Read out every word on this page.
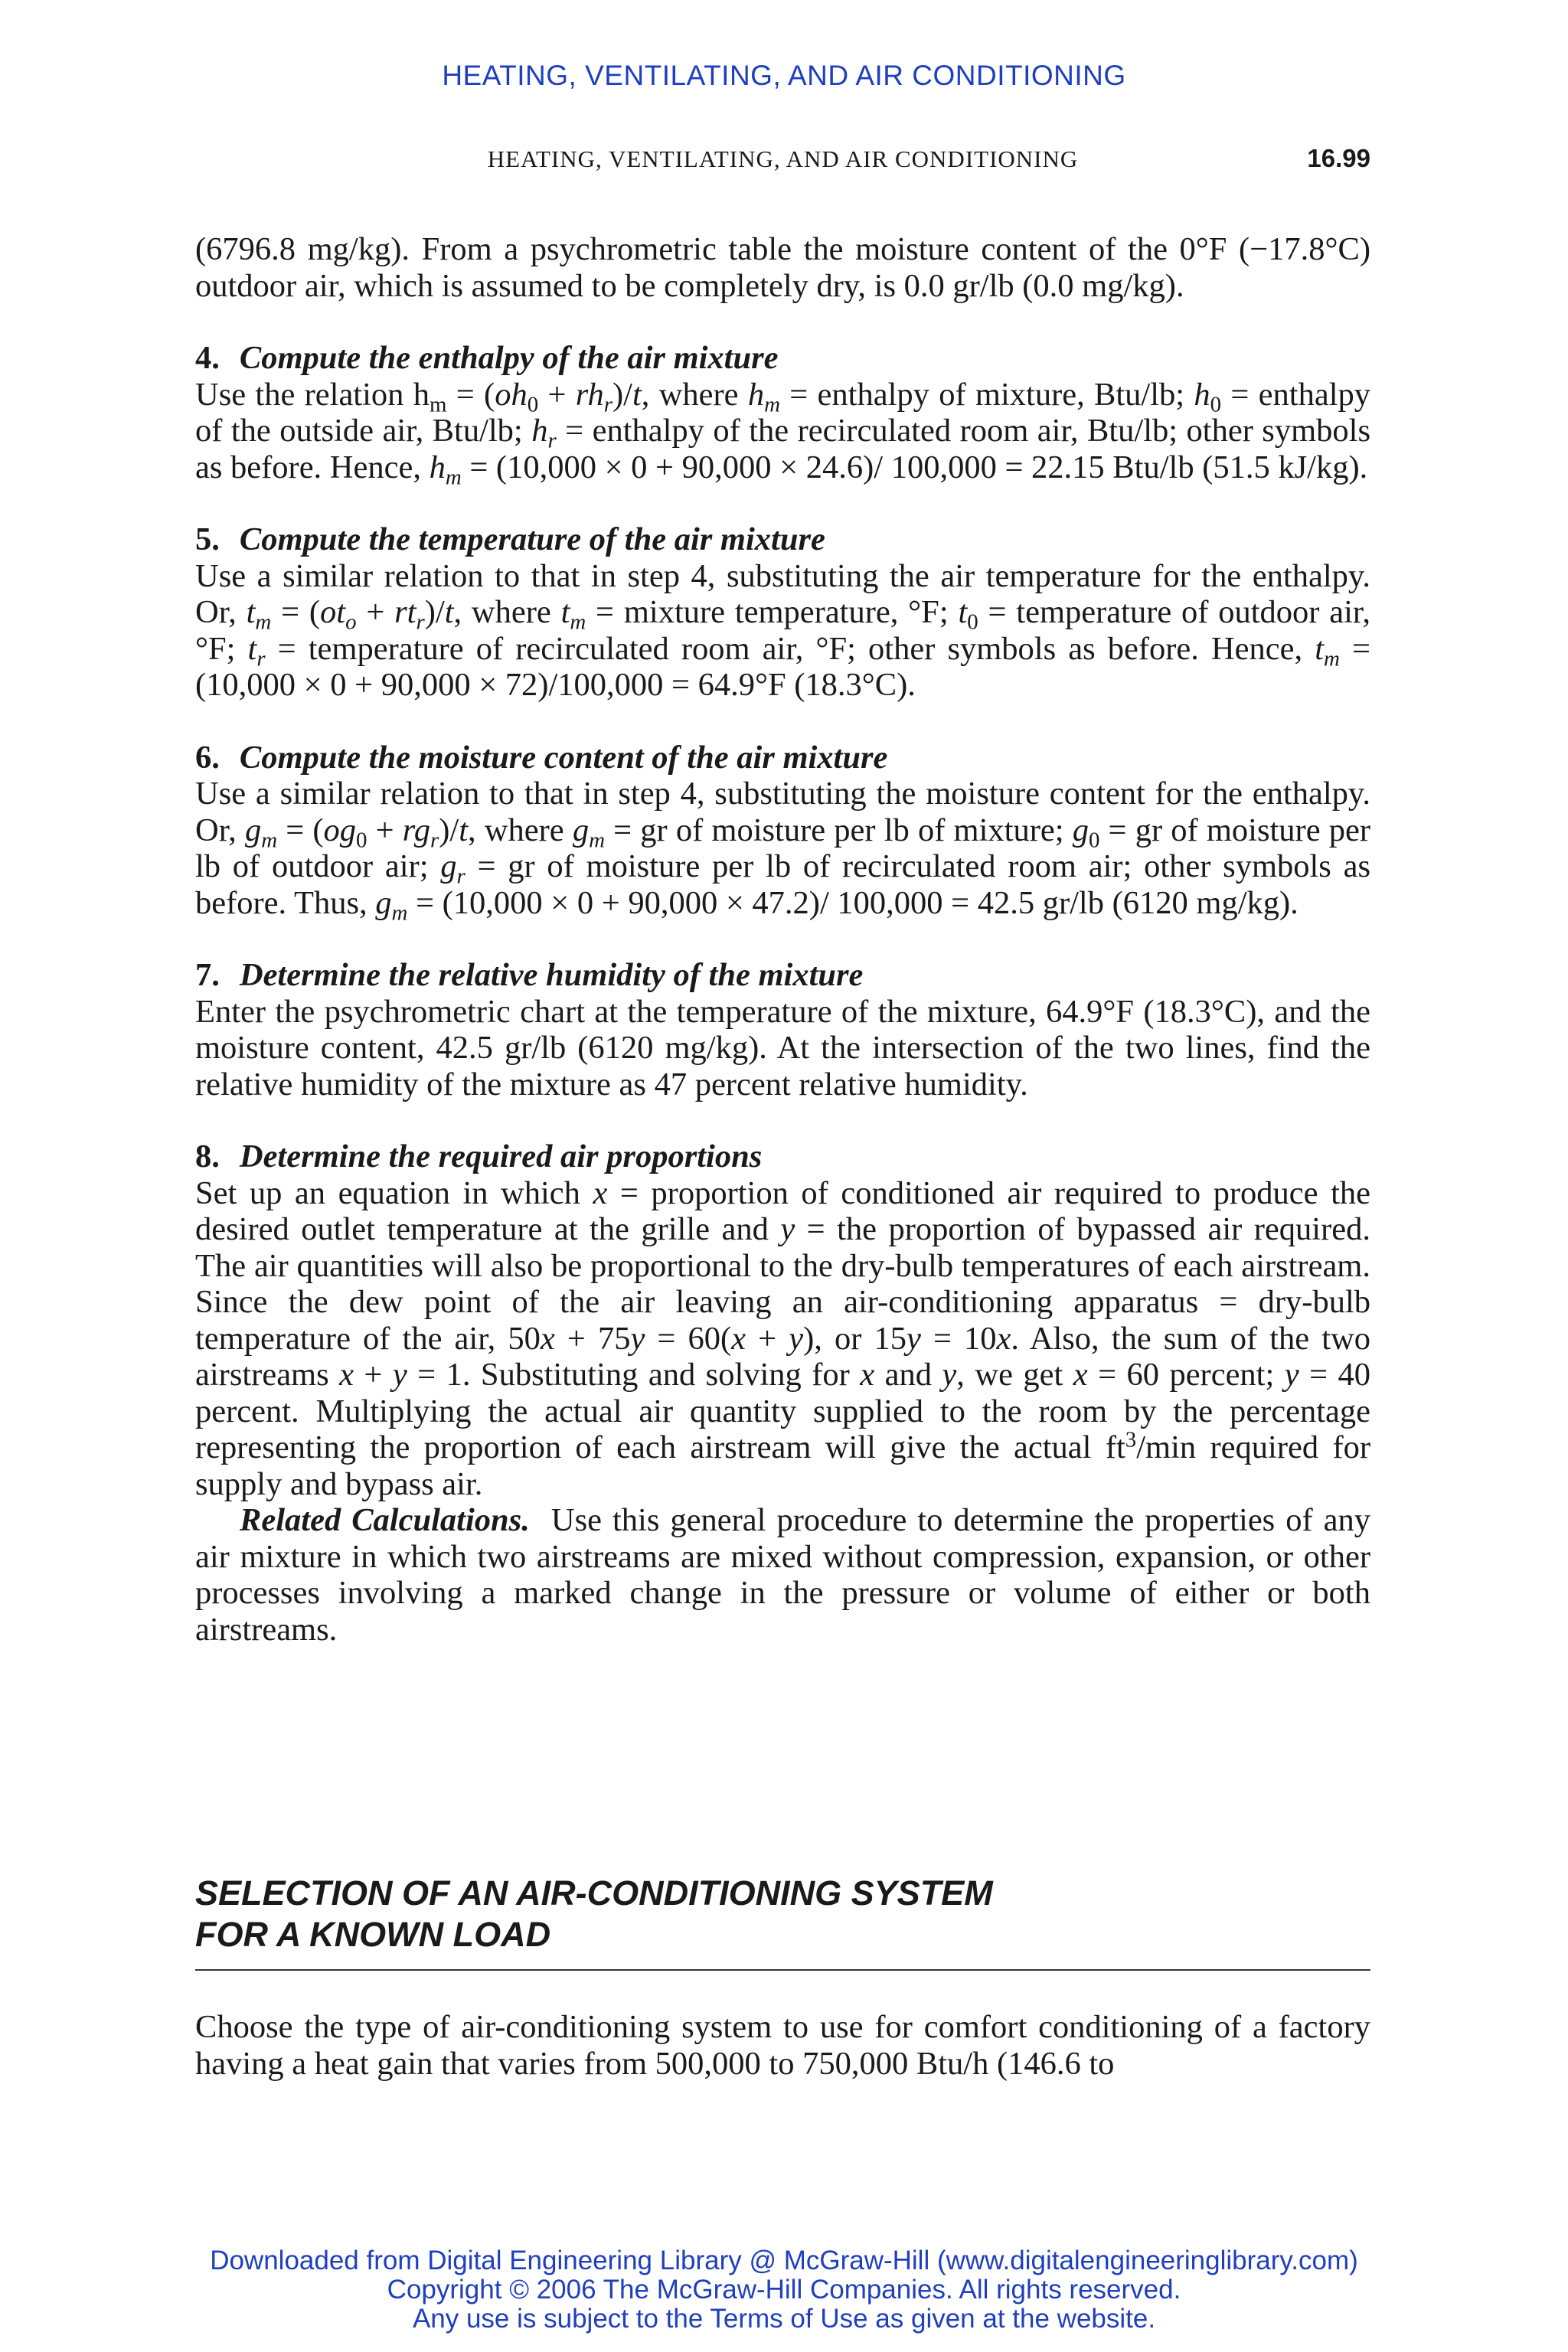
HEATING, VENTILATING, AND AIR CONDITIONING
HEATING, VENTILATING, AND AIR CONDITIONING	16.99

(6796.8 mg/kg). From a psychrometric table the moisture content of the 0°F (−17.8°C) outdoor air, which is assumed to be completely dry, is 0.0 gr/lb (0.0 mg/kg).

4. Compute the enthalpy of the air mixture

Use the relation $h_m = (oh_0 + rh_r)/t$, where $h_m$ = enthalpy of mixture, Btu/lb; $h_0$ = enthalpy of the outside air, Btu/lb; $h_r$ = enthalpy of the recirculated room air, Btu/lb; other symbols as before. Hence, $h_m = (10,000 \times 0 + 90,000 \times 24.6)/$ 100,000 = 22.15 Btu/lb (51.5 kJ/kg).

5. Compute the temperature of the air mixture

Use a similar relation to that in step 4, substituting the air temperature for the enthalpy. Or, $t_m = (ot_o + rt_r)/t$, where $t_m$ = mixture temperature, °F; $t_0$ = temperature of outdoor air, °F; $t_r$ = temperature of recirculated room air, °F; other symbols as before. Hence, $t_m = (10,000 \times 0 + 90,000 \times 72)/100,000 = 64.9^\circ F$ (18.3°C).

6. Compute the moisture content of the air mixture

Use a similar relation to that in step 4, substituting the moisture content for the enthalpy. Or, $g_m = (og_0 + rg_r)/t$, where $g_m$ = gr of moisture per lb of mixture; $g_0$ = gr of moisture per lb of outdoor air; $g_r$ = gr of moisture per lb of recirculated room air; other symbols as before. Thus, $g_m = (10,000 \times 0 + 90,000 \times 47.2)/$ 100,000 = 42.5 gr/lb (6120 mg/kg).

7. Determine the relative humidity of the mixture

Enter the psychrometric chart at the temperature of the mixture, 64.9°F (18.3°C), and the moisture content, 42.5 gr/lb (6120 mg/kg). At the intersection of the two lines, find the relative humidity of the mixture as 47 percent relative humidity.

8. Determine the required air proportions

Set up an equation in which x = proportion of conditioned air required to produce the desired outlet temperature at the grille and y = the proportion of bypassed air required. The air quantities will also be proportional to the dry-bulb temperatures of each airstream. Since the dew point of the air leaving an air-conditioning apparatus = dry-bulb temperature of the air, 50x + 75y = 60(x + y), or 15y = 10x. Also, the sum of the two airstreams x + y = 1. Substituting and solving for x and y, we get x = 60 percent; y = 40 percent. Multiplying the actual air quantity supplied to the room by the percentage representing the proportion of each airstream will give the actual $ft^3/\min$ required for supply and bypass air.

Related Calculations. Use this general procedure to determine the properties of any air mixture in which two airstreams are mixed without compression, expansion, or other processes involving a marked change in the pressure or volume of either or both airstreams.

SELECTION OF AN AIR-CONDITIONING SYSTEM
FOR A KNOWN LOAD

Choose the type of air-conditioning system to use for comfort conditioning of a factory having a heat gain that varies from 500,000 to 750,000 Btu/h (146.6 to

Downloaded from Digital Engineering Library @ McGraw-Hill (www.digitalengineeringlibrary.com)
Copyright © 2006 The McGraw-Hill Companies. All rights reserved.
Any use is subject to the Terms of Use as given at the website.
